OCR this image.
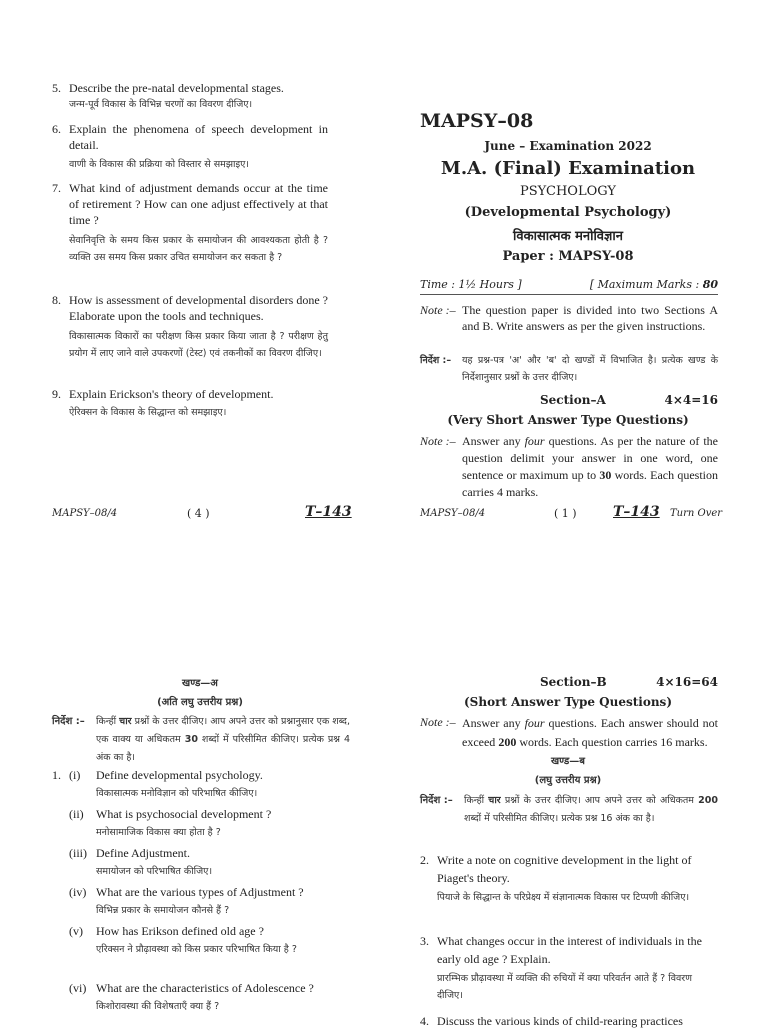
5. Describe the pre-natal developmental stages.
जन्म-पूर्व विकास के विभिन्न चरणों का विवरण दीजिए।
6. Explain the phenomena of speech development in detail.
वाणी के विकास की प्रक्रिया को विस्तार से समझाइए।
7. What kind of adjustment demands occur at the time of retirement ? How can one adjust effectively at that time ?
सेवानिवृत्ति के समय किस प्रकार के समायोजन की आवश्यकता होती है ? व्यक्ति उस समय किस प्रकार उचित समायोजन कर सकता है ?
8. How is assessment of developmental disorders done ? Elaborate upon the tools and techniques.
विकासात्मक विकारों का परीक्षण किस प्रकार किया जाता है ? परीक्षण हेतु प्रयोग में लाए जाने वाले उपकरणों (टेस्ट) एवं तकनीकों का विवरण दीजिए।
9. Explain Erickson's theory of development.
ऐरिक्सन के विकास के सिद्धान्त को समझाइए।
MAPSY–08/4	( 4 )	T–143
MAPSY–08
June – Examination 2022
M.A. (Final) Examination
PSYCHOLOGY
(Developmental Psychology)
विकासात्मक मनोविज्ञान
Paper : MAPSY-08
Time : 1½ Hours ]	[ Maximum Marks : 80
Note :– The question paper is divided into two Sections A and B. Write answers as per the given instructions.
निर्देश :– यह प्रश्न-पत्र 'अ' और 'ब' दो खण्डों में विभाजित है। प्रत्येक खण्ड के निर्देशानुसार प्रश्नों के उत्तर दीजिए।
Section–A	4×4=16
(Very Short Answer Type Questions)
Note :– Answer any four questions. As per the nature of the question delimit your answer in one word, one sentence or maximum up to 30 words. Each question carries 4 marks.
MAPSY–08/4	( 1 )	T–143 Turn Over
खण्ड—अ
(अति लघु उत्तरीय प्रश्न)
निर्देश :– किन्हीं चार प्रश्नों के उत्तर दीजिए। आप अपने उत्तर को प्रश्नानुसार एक शब्द, एक वाक्य या अधिकतम 30 शब्दों में परिसीमित कीजिए। प्रत्येक प्रश्न 4 अंक का है।
1. (i) Define developmental psychology.
विकासात्मक मनोविज्ञान को परिभाषित कीजिए।
(ii) What is psychosocial development ?
मनोसामाजिक विकास क्या होता है ?
(iii) Define Adjustment.
समायोजन को परिभाषित कीजिए।
(iv) What are the various types of Adjustment ?
विभिन्न प्रकार के समायोजन कौनसे हैं ?
(v) How has Erikson defined old age ?
एरिक्सन ने प्रौढ़ावस्था को किस प्रकार परिभाषित किया है ?
(vi) What are the characteristics of Adolescence ?
किशोरावस्था की विशेषताएँ क्या हैं ?
Section–B	4×16=64
(Short Answer Type Questions)
Note :– Answer any four questions. Each answer should not exceed 200 words. Each question carries 16 marks.
खण्ड—ब
(लघु उत्तरीय प्रश्न)
निर्देश :– किन्हीं चार प्रश्नों के उत्तर दीजिए। आप अपने उत्तर को अधिकतम 200 शब्दों में परिसीमित कीजिए। प्रत्येक प्रश्न 16 अंक का है।
2. Write a note on cognitive development in the light of Piaget's theory.
पियाजे के सिद्धान्त के परिप्रेक्ष्य में संज्ञानात्मक विकास पर टिप्पणी कीजिए।
3. What changes occur in the interest of individuals in the early old age ? Explain.
प्रारम्भिक प्रौढ़ावस्था में व्यक्ति की रुचियों में क्या परिवर्तन आते हैं ? विवरण दीजिए।
4. Discuss the various kinds of child-rearing practices
